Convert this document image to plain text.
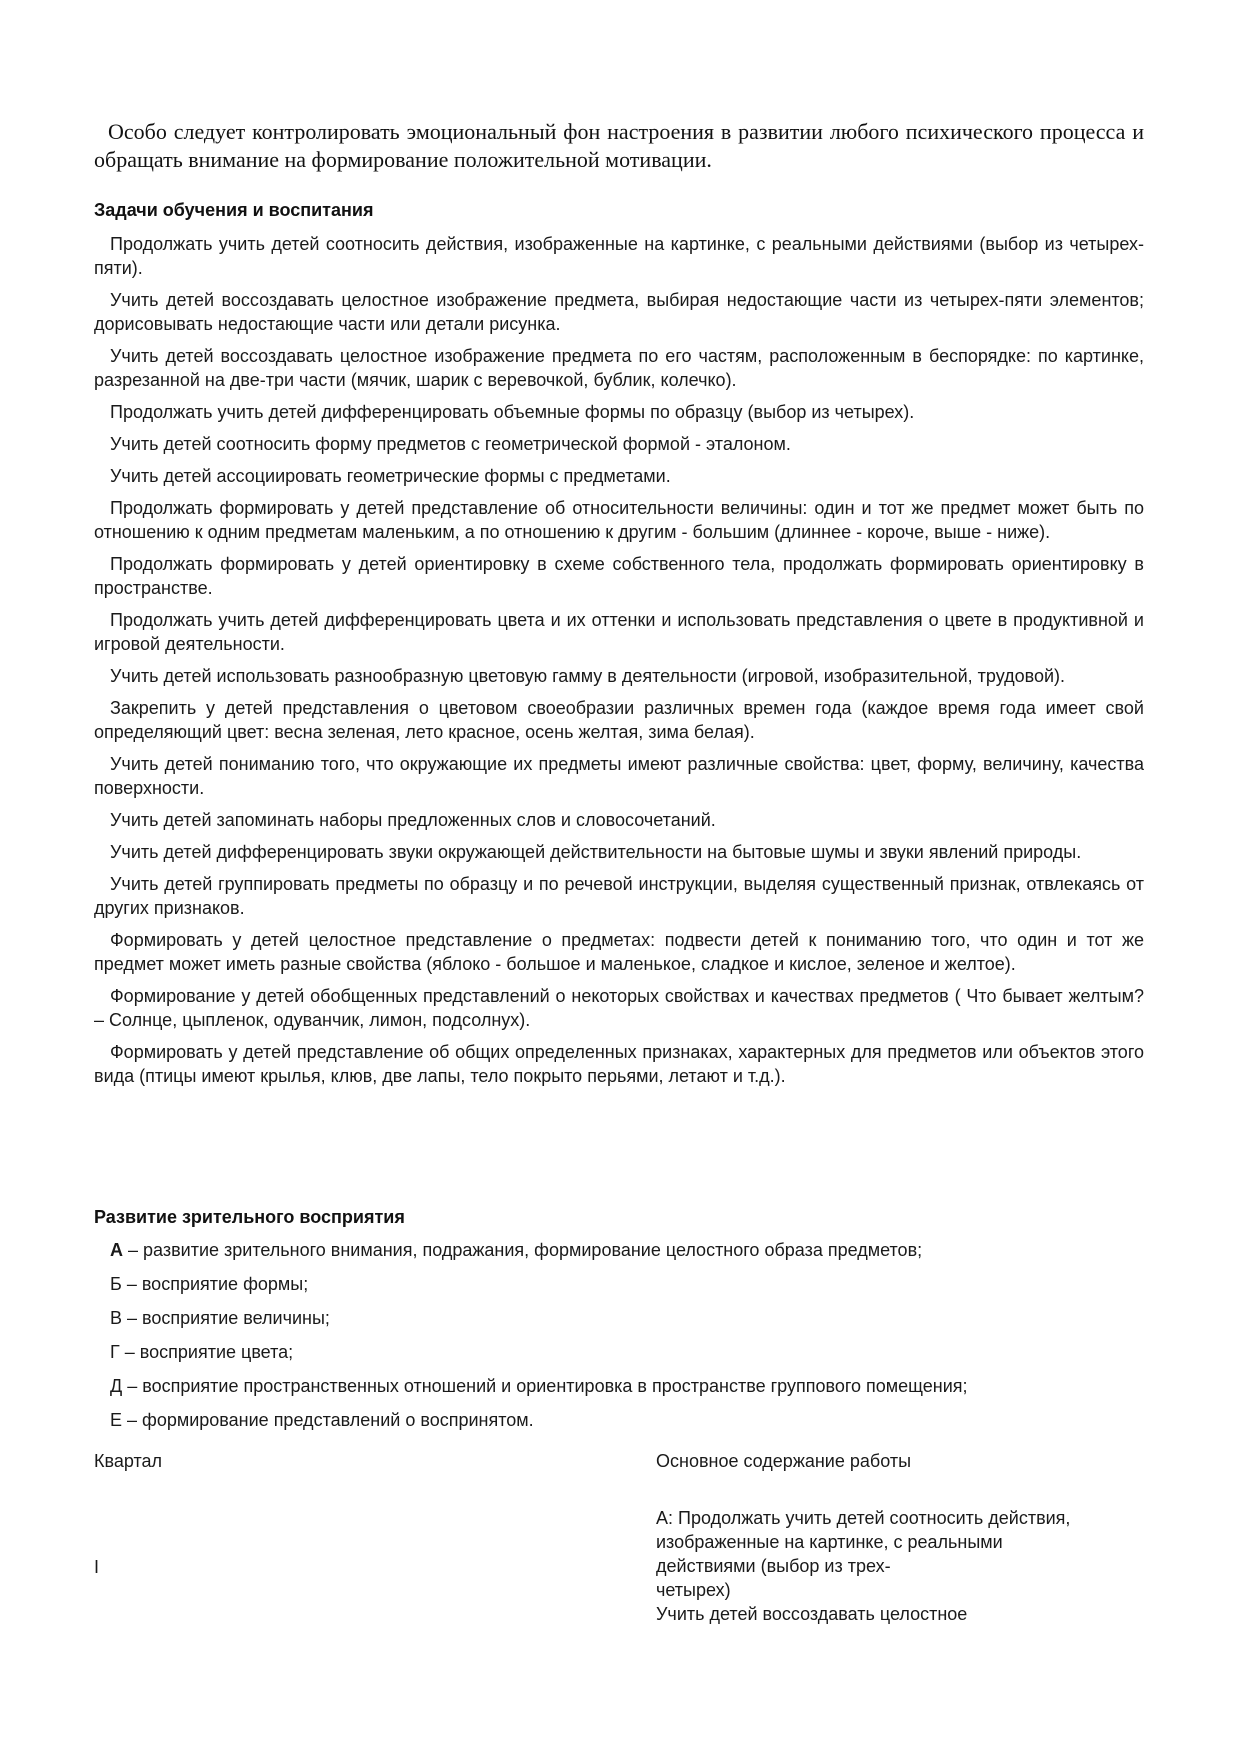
Особо следует контролировать эмоциональный фон настроения в развитии любого психического процесса и обращать внимание на формирование положительной мотивации.

Задачи обучения и воспитания

Продолжать учить детей соотносить действия, изображенные на картинке, с реальными действиями (выбор из четырех-пяти).

Учить детей воссоздавать целостное изображение предмета, выбирая недостающие части из четырех-пяти элементов; дорисовывать недостающие части или детали рисунка.

Учить детей воссоздавать целостное изображение предмета по его частям, расположенным в беспорядке: по картинке, разрезанной на две-три части (мячик, шарик с веревочкой, бублик, колечко).

Продолжать учить детей дифференцировать объемные формы по образцу (выбор из четырех).

Учить детей соотносить форму предметов с геометрической формой - эталоном.

Учить детей ассоциировать геометрические формы с предметами.

Продолжать формировать у детей представление об относительности величины: один и тот же предмет может быть по отношению к одним предметам маленьким, а по отношению к другим - большим (длиннее - короче, выше - ниже).

Продолжать формировать у детей ориентировку в схеме собственного тела, продолжать формировать ориентировку в пространстве.

Продолжать учить детей дифференцировать цвета и их оттенки и использовать представления о цвете в продуктивной и игровой деятельности.

Учить детей использовать разнообразную цветовую гамму в деятельности (игровой, изобразительной, трудовой).

Закрепить у детей представления о цветовом своеобразии различных времен года (каждое время года имеет свой определяющий цвет: весна зеленая, лето красное, осень желтая, зима белая).

Учить детей пониманию того, что окружающие их предметы имеют различные свойства: цвет, форму, величину, качества поверхности.

Учить детей запоминать наборы предложенных слов и словосочетаний.

Учить детей дифференцировать звуки окружающей действительности на бытовые шумы и звуки явлений природы.

Учить детей группировать предметы по образцу и по речевой инструкции, выделяя существенный признак, отвлекаясь от других признаков.

Формировать у детей целостное представление о предметах: подвести детей к пониманию того, что один и тот же предмет может иметь разные свойства (яблоко - большое и маленькое, сладкое и кислое, зеленое и желтое).

Формирование у детей обобщенных представлений о некоторых свойствах и качествах предметов ( Что бывает желтым? – Солнце, цыпленок, одуванчик, лимон, подсолнух).

Формировать у детей представление об общих определенных признаках, характерных для предметов или объектов этого вида (птицы имеют крылья, клюв, две лапы, тело покрыто перьями, летают и т.д.).

Развитие зрительного восприятия

А – развитие зрительного внимания, подражания, формирование целостного образа предметов;

Б – восприятие формы;

В – восприятие величины;

Г – восприятие цвета;

Д – восприятие пространственных отношений и ориентировка в пространстве группового помещения;

Е – формирование представлений о воспринятом.

Квартал	Основное содержание работы
I
А: Продолжать учить детей соотносить действия,
изображенные на картинке, с реальными
действиями (выбор из трех-
четырех)
Учить детей воссоздавать целостное
